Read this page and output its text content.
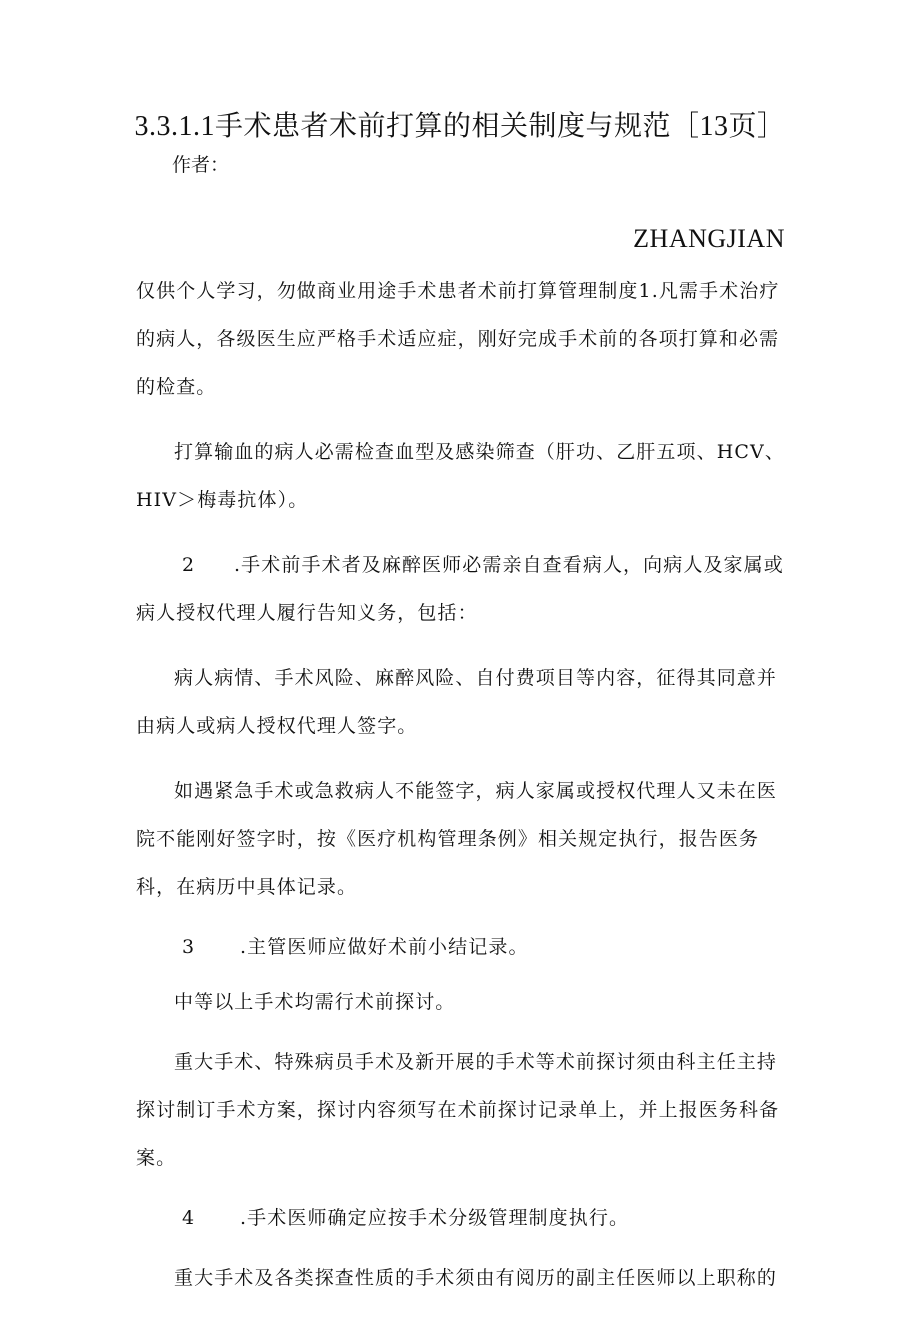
3.3.1.1手术患者术前打算的相关制度与规范［13页］
作者：
ZHANGJIAN

仅供个人学习，勿做商业用途手术患者术前打算管理制度1.凡需手术治疗的病人，各级医生应严格手术适应症，刚好完成手术前的各项打算和必需的检查。

打算输血的病人必需检查血型及感染筛查（肝功、乙肝五项、HCV、HIV＞梅毒抗体）。

2 .手术前手术者及麻醉医师必需亲自查看病人，向病人及家属或病人授权代理人履行告知义务，包括：

病人病情、手术风险、麻醉风险、自付费项目等内容，征得其同意并由病人或病人授权代理人签字。

如遇紧急手术或急救病人不能签字，病人家属或授权代理人又未在医院不能刚好签字时，按《医疗机构管理条例》相关规定执行，报告医务科，在病历中具体记录。

3 .主管医师应做好术前小结记录。

中等以上手术均需行术前探讨。

重大手术、特殊病员手术及新开展的手术等术前探讨须由科主任主持探讨制订手术方案，探讨内容须写在术前探讨记录单上，并上报医务科备案。

4 .手术医师确定应按手术分级管理制度执行。

重大手术及各类探查性质的手术须由有阅历的副主任医师以上职称的
